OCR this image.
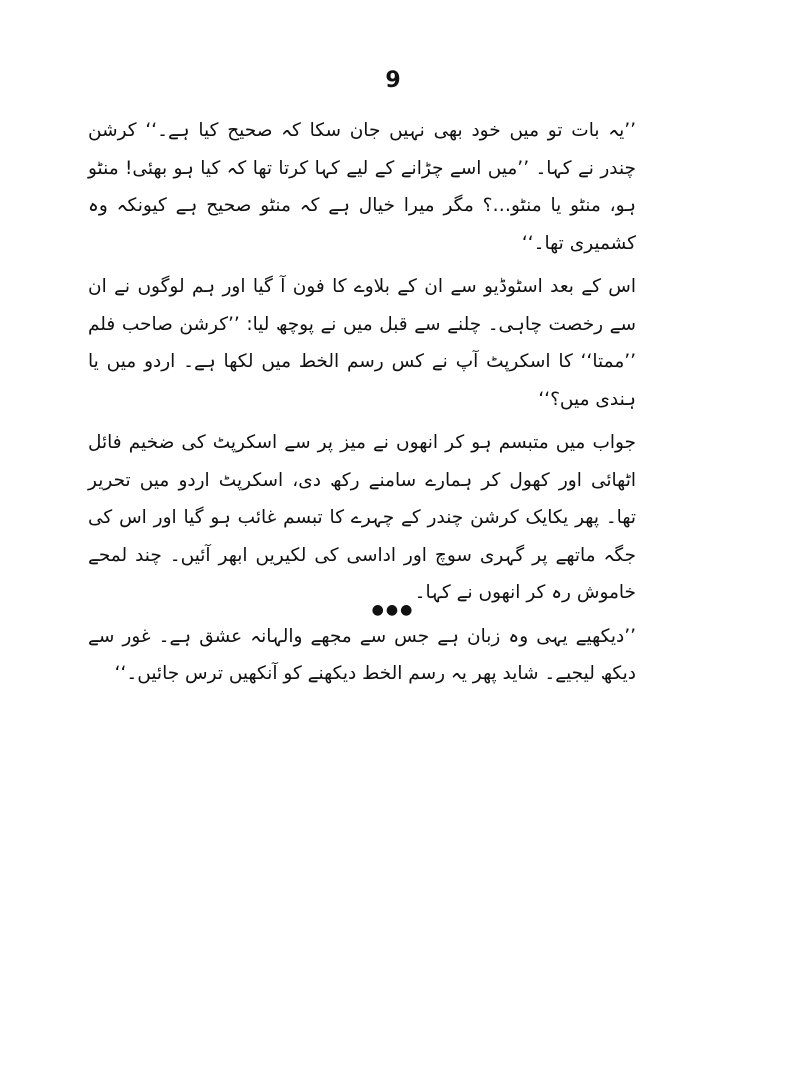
9

’’یہ بات تو میں خود بھی نہیں جان سکا کہ صحیح کیا ہے۔‘‘ کرشن چندر نے کہا۔ ’’میں اسے چڑانے کے لیے کہا کرتا تھا کہ کیا ہو بھئی! منٹو ہو، منٹو یا منٹو…؟ مگر میرا خیال ہے کہ منٹو صحیح ہے کیونکہ وہ کشمیری تھا۔‘‘

اس کے بعد اسٹوڈیو سے ان کے بلاوے کا فون آ گیا اور ہم لوگوں نے ان سے رخصت چاہی۔ چلنے سے قبل میں نے پوچھ لیا: ’’کرشن صاحب فلم ’’ممتا‘‘ کا اسکرپٹ آپ نے کس رسم الخط میں لکھا ہے۔ اردو میں یا ہندی میں؟‘‘

جواب میں متبسم ہو کر انھوں نے میز پر سے اسکرپٹ کی ضخیم فائل اٹھائی اور کھول کر ہمارے سامنے رکھ دی، اسکرپٹ اردو میں تحریر تھا۔ پھر یکایک کرشن چندر کے چہرے کا تبسم غائب ہو گیا اور اس کی جگہ ماتھے پر گہری سوچ اور اداسی کی لکیریں ابھر آئیں۔ چند لمحے خاموش رہ کر انھوں نے کہا۔

’’دیکھیے یہی وہ زبان ہے جس سے مجھے والہانہ عشق ہے۔ غور سے دیکھ لیجیے۔ شاید پھر یہ رسم الخط دیکھنے کو آنکھیں ترس جائیں۔‘‘

●●●
